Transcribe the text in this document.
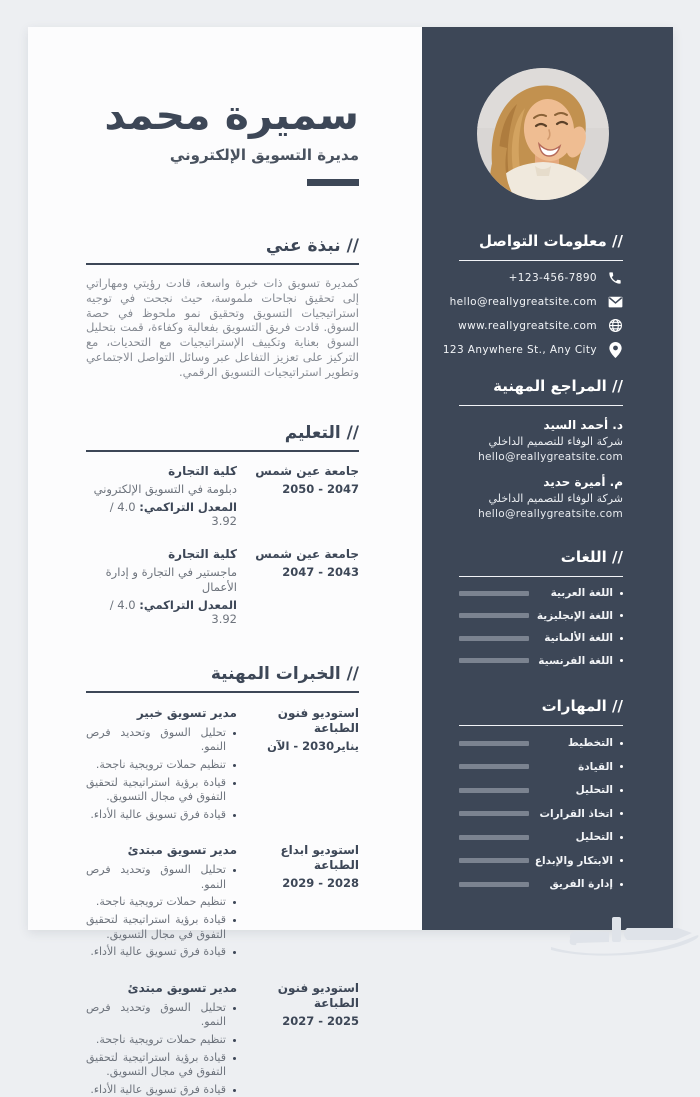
سميرة محمد
مديرة التسويق الإلكتروني
// نبذة عني

كمديرة تسويق ذات خبرة واسعة، قادت رؤيتي ومهاراتي إلى تحقيق نجاحات ملموسة، حيث نجحت في توجيه استراتيجيات التسويق وتحقيق نمو ملحوظ في حصة السوق. قادت فريق التسويق بفعالية وكفاءة، قمت بتحليل السوق بعناية وتكييف الإستراتيجيات مع التحديات، مع التركيز على تعزيز التفاعل عبر وسائل التواصل الاجتماعي وتطوير استراتيجيات التسويق الرقمي.

// التعليم
جامعة عين شمس
2047 - 2050
كلية التجارة
دبلومة في التسويق الإلكتروني
المعدل التراكمي: 4.0 / 3.92
جامعة عين شمس
2043 - 2047
كلية التجارة
ماجستير في التجارة و إدارة الأعمال
المعدل التراكمي: 4.0 / 3.92
// الخبرات المهنية
استوديو فنون الطباعة
يناير2030 - الآن
مدير تسويق خبير
تحليل السوق وتحديد فرص النمو.
تنظيم حملات ترويجية ناجحة.
قيادة برؤية استراتيجية لتحقيق التفوق في مجال التسويق.
قيادة فرق تسويق عالية الأداء.
استوديو ابداع الطباعة
2028 - 2029
مدير تسويق مبتدئ
تحليل السوق وتحديد فرص النمو.
تنظيم حملات ترويجية ناجحة.
قيادة برؤية استراتيجية لتحقيق التفوق في مجال التسويق.
قيادة فرق تسويق عالية الأداء.
استوديو فنون الطباعة
2025 - 2027
مدير تسويق مبتدئ
تحليل السوق وتحديد فرص النمو.
تنظيم حملات ترويجية ناجحة.
قيادة برؤية استراتيجية لتحقيق التفوق في مجال التسويق.
قيادة فرق تسويق عالية الأداء.
// معلومات التواصل
+123-456-7890
hello@reallygreatsite.com
www.reallygreatsite.com
123 Anywhere St., Any City
// المراجع المهنية
د. أحمد السيد
شركة الوفاء للتصميم الداخلي
hello@reallygreatsite.com
م. أميرة حديد
شركة الوفاء للتصميم الداخلي
hello@reallygreatsite.com
// اللغات
اللغة العربية
اللغة الإنجليزية
اللغة الألمانية
اللغة الفرنسية
// المهارات
التخطيط
القيادة
التحليل
اتخاذ القرارات
التحليل
الابتكار والإبداع
إدارة الفريق
